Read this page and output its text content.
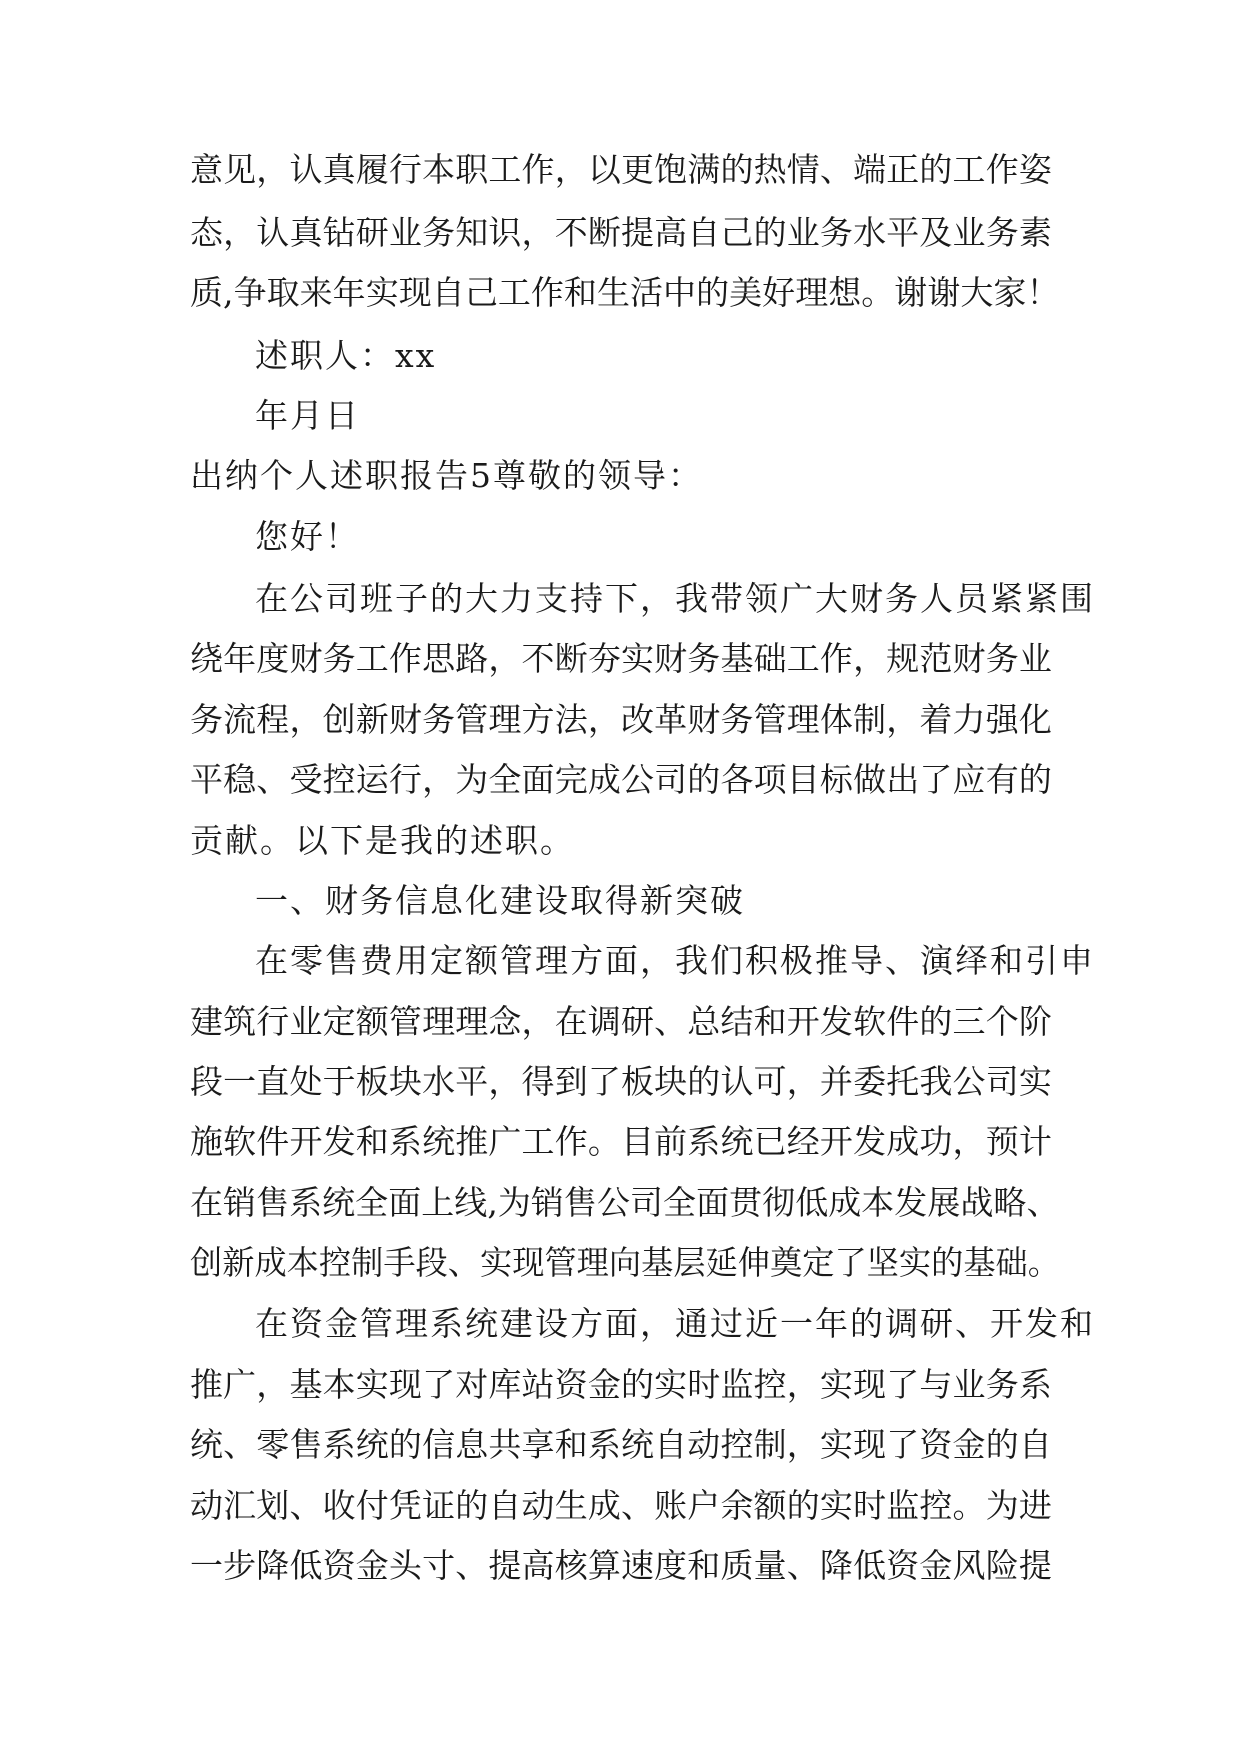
意见，认真履行本职工作，以更饱满的热情、端正的工作姿

态，认真钻研业务知识，不断提高自己的业务水平及业务素

质,争取来年实现自己工作和生活中的美好理想。谢谢大家！

述职人：xx

年月日

出纳个人述职报告5尊敬的领导：

您好！

在公司班子的大力支持下，我带领广大财务人员紧紧围

绕年度财务工作思路，不断夯实财务基础工作，规范财务业

务流程，创新财务管理方法，改革财务管理体制，着力强化

平稳、受控运行，为全面完成公司的各项目标做出了应有的

贡献。以下是我的述职。

一、财务信息化建设取得新突破

在零售费用定额管理方面，我们积极推导、演绎和引申

建筑行业定额管理理念，在调研、总结和开发软件的三个阶

段一直处于板块水平，得到了板块的认可，并委托我公司实

施软件开发和系统推广工作。目前系统已经开发成功，预计

在销售系统全面上线,为销售公司全面贯彻低成本发展战略、

创新成本控制手段、实现管理向基层延伸奠定了坚实的基础。

在资金管理系统建设方面，通过近一年的调研、开发和

推广，基本实现了对库站资金的实时监控，实现了与业务系

统、零售系统的信息共享和系统自动控制，实现了资金的自

动汇划、收付凭证的自动生成、账户余额的实时监控。为进

一步降低资金头寸、提高核算速度和质量、降低资金风险提
